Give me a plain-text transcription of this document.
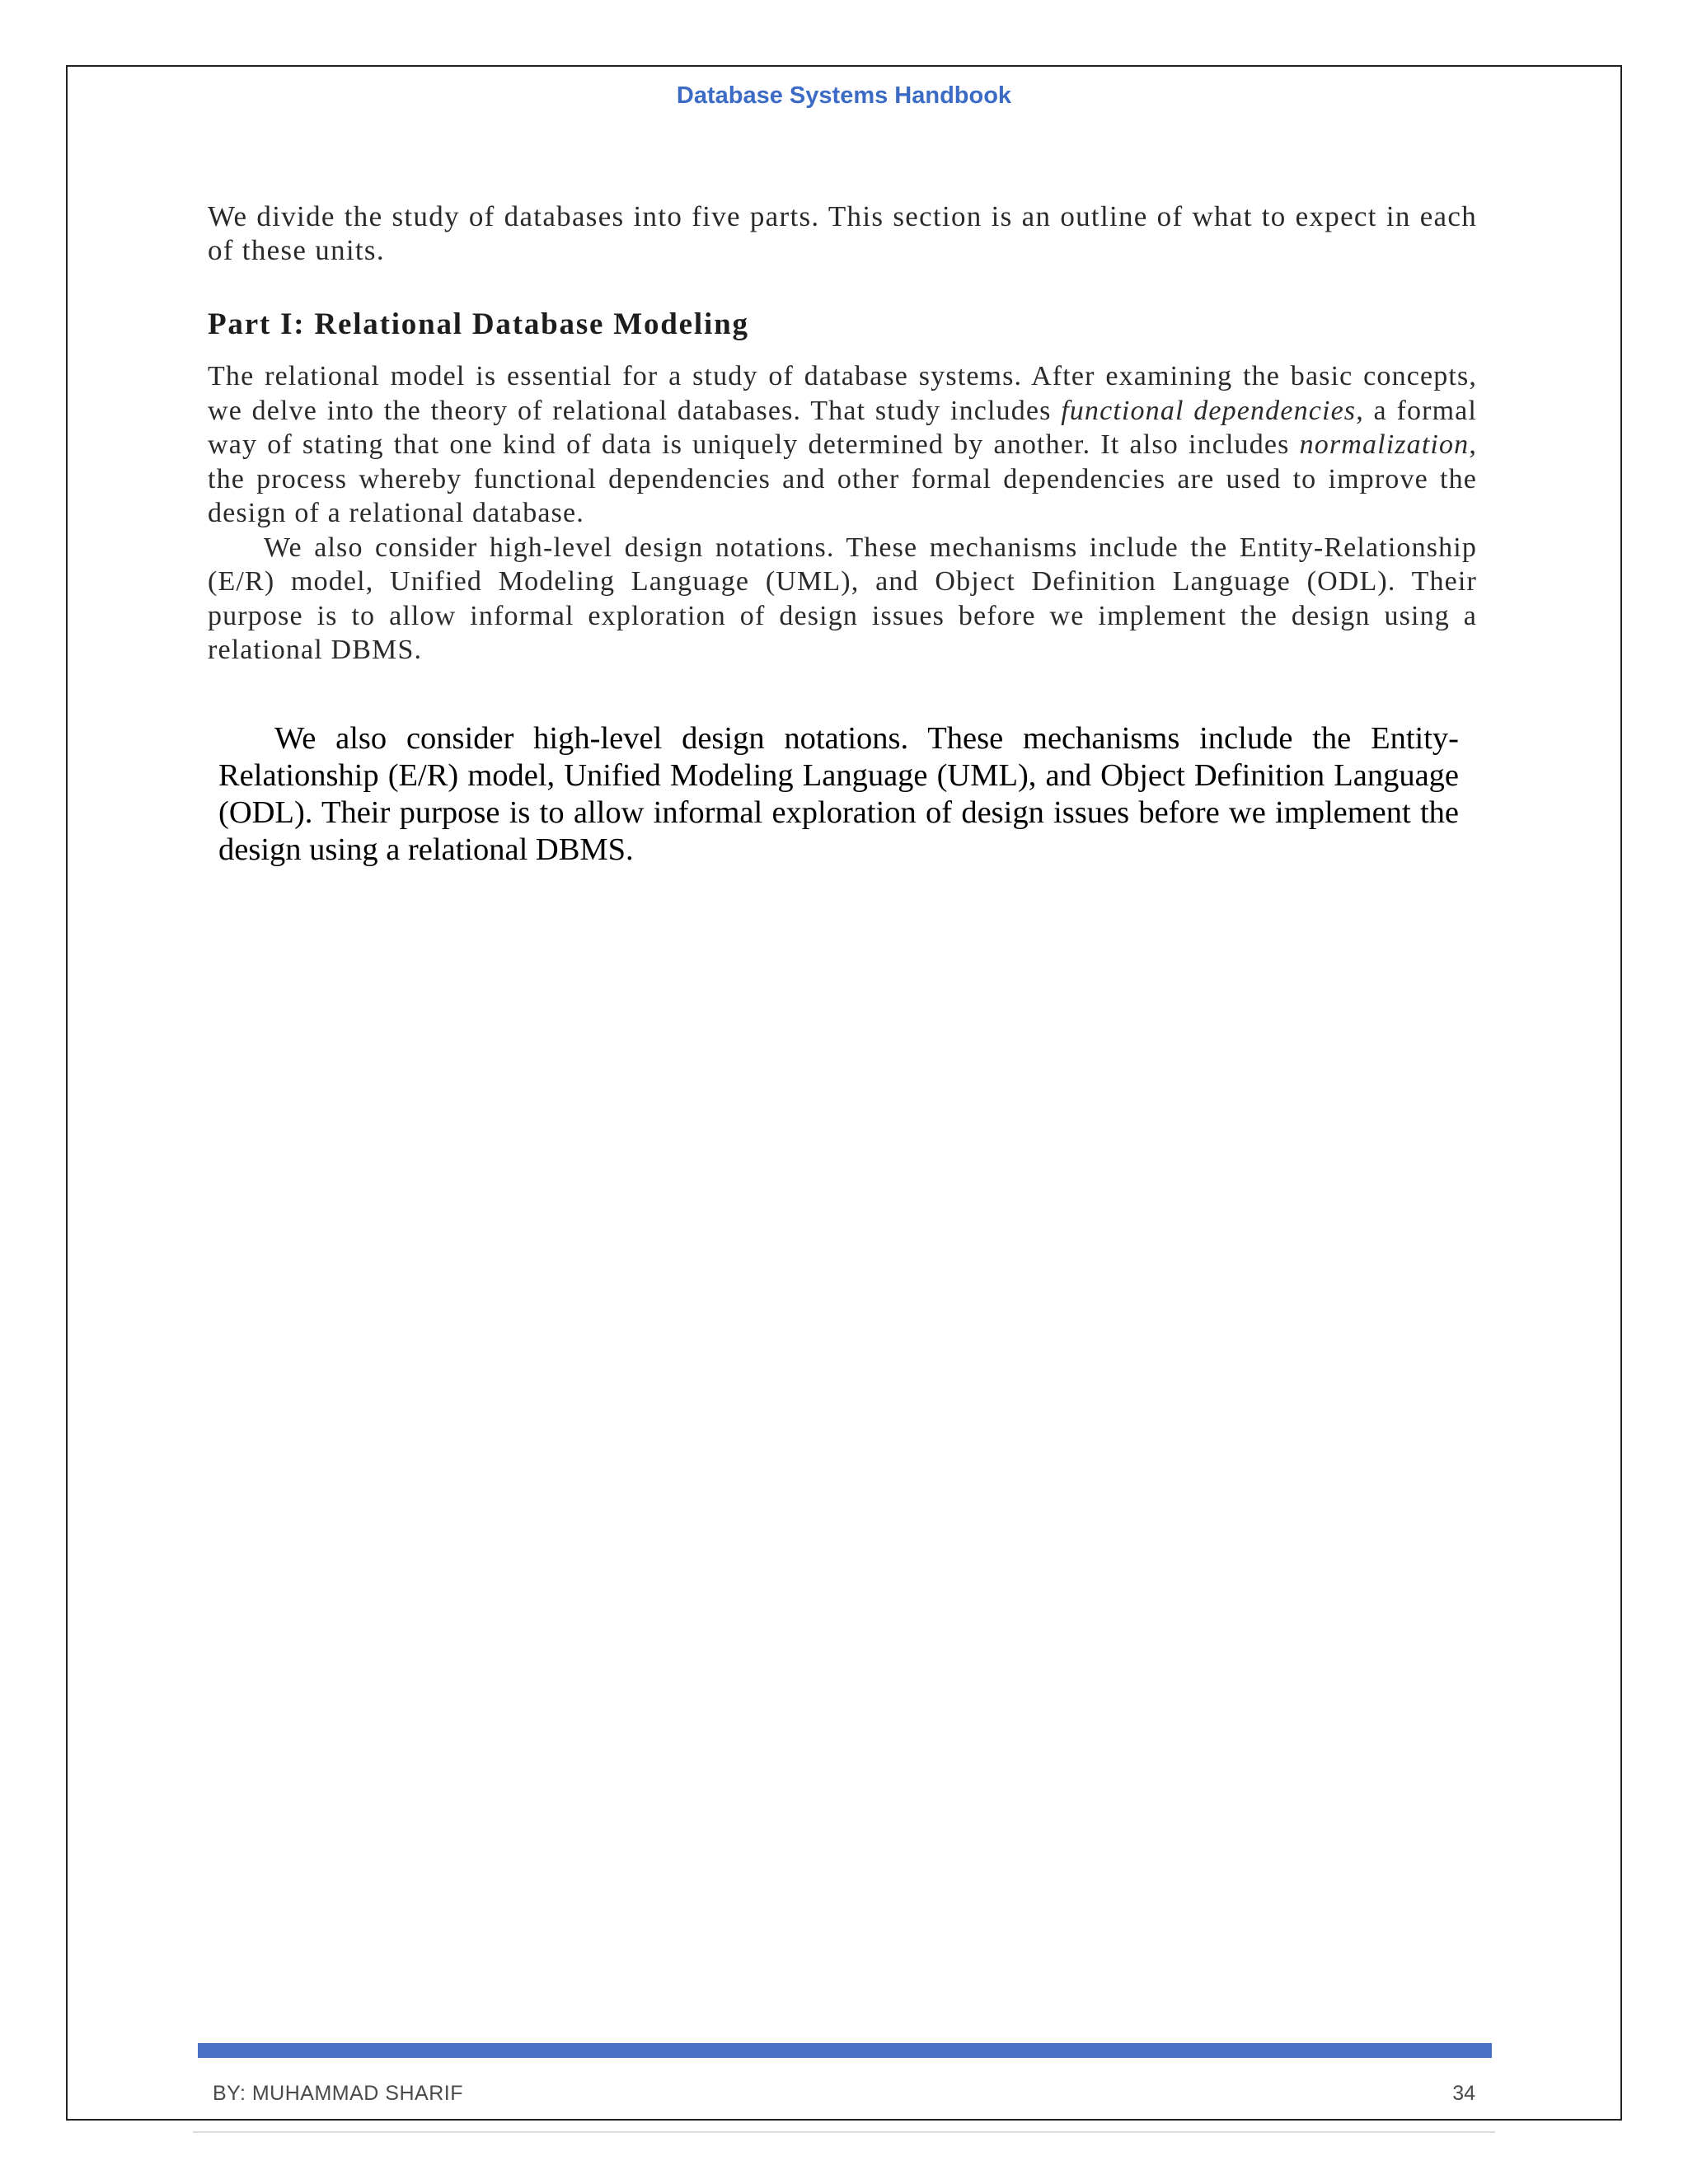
Database Systems Handbook

We divide the study of databases into five parts. This section is an outline of what to expect in each of these units.

Part I: Relational Database Modeling

The relational model is essential for a study of database systems. After examining the basic concepts, we delve into the theory of relational databases. That study includes functional dependencies, a formal way of stating that one kind of data is uniquely determined by another. It also includes normalization, the process whereby functional dependencies and other formal dependencies are used to improve the design of a relational database.

We also consider high-level design notations. These mechanisms include the Entity-Relationship (E/R) model, Unified Modeling Language (UML), and Object Definition Language (ODL). Their purpose is to allow informal exploration of design issues before we implement the design using a relational DBMS.

We also consider high-level design notations. These mechanisms include the Entity-Relationship (E/R) model, Unified Modeling Language (UML), and Object Definition Language (ODL). Their purpose is to allow informal exploration of design issues before we implement the design using a relational DBMS.

BY: MUHAMMAD SHARIF	34
